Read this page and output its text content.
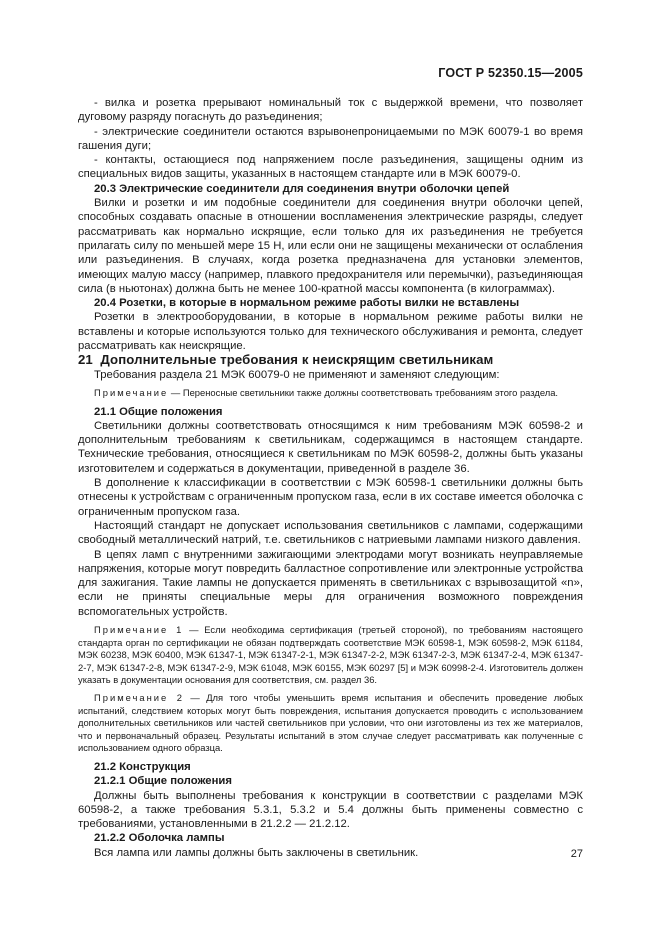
ГОСТ Р 52350.15—2005

- вилка и розетка прерывают номинальный ток с выдержкой времени, что позволяет дуговому разряду погаснуть до разъединения;

- электрические соединители остаются взрывонепроницаемыми по МЭК 60079-1 во время гашения дуги;

- контакты, остающиеся под напряжением после разъединения, защищены одним из специальных видов защиты, указанных в настоящем стандарте или в МЭК 60079-0.

20.3 Электрические соединители для соединения внутри оболочки цепей

Вилки и розетки и им подобные соединители для соединения внутри оболочки цепей, способных создавать опасные в отношении воспламенения электрические разряды, следует рассматривать как нормально искрящие, если только для их разъединения не требуется прилагать силу по меньшей мере 15 Н, или если они не защищены механически от ослабления или разъединения. В случаях, когда розетка предназначена для установки элементов, имеющих малую массу (например, плавкого предохранителя или перемычки), разъединяющая сила (в ньютонах) должна быть не менее 100-кратной массы компонента (в килограммах).

20.4 Розетки, в которые в нормальном режиме работы вилки не вставлены

Розетки в электрооборудовании, в которые в нормальном режиме работы вилки не вставлены и которые используются только для технического обслуживания и ремонта, следует рассматривать как неискрящие.

21 Дополнительные требования к неискрящим светильникам

Требования раздела 21 МЭК 60079-0 не применяют и заменяют следующим:

Примечание — Переносные светильники также должны соответствовать требованиям этого раздела.

21.1 Общие положения

Светильники должны соответствовать относящимся к ним требованиям МЭК 60598-2 и дополнительным требованиям к светильникам, содержащимся в настоящем стандарте. Технические требования, относящиеся к светильникам по МЭК 60598-2, должны быть указаны изготовителем и содержаться в документации, приведенной в разделе 36.

В дополнение к классификации в соответствии с МЭК 60598-1 светильники должны быть отнесены к устройствам с ограниченным пропуском газа, если в их составе имеется оболочка с ограниченным пропуском газа.

Настоящий стандарт не допускает использования светильников с лампами, содержащими свободный металлический натрий, т.е. светильников с натриевыми лампами низкого давления.

В цепях ламп с внутренними зажигающими электродами могут возникать неуправляемые напряжения, которые могут повредить балластное сопротивление или электронные устройства для зажигания. Такие лампы не допускается применять в светильниках с взрывозащитой «n», если не приняты специальные меры для ограничения возможного повреждения вспомогательных устройств.

Примечание 1 — Если необходима сертификация (третьей стороной), по требованиям настоящего стандарта орган по сертификации не обязан подтверждать соответствие МЭК 60598-1, МЭК 60598-2, МЭК 61184, МЭК 60238, МЭК 60400, МЭК 61347-1, МЭК 61347-2-1, МЭК 61347-2-2, МЭК 61347-2-3, МЭК 61347-2-4, МЭК 61347-2-7, МЭК 61347-2-8, МЭК 61347-2-9, МЭК 61048, МЭК 60155, МЭК 60297 [5] и МЭК 60998-2-4. Изготовитель должен указать в документации основания для соответствия, см. раздел 36.

Примечание 2 — Для того чтобы уменьшить время испытания и обеспечить проведение любых испытаний, следствием которых могут быть повреждения, испытания допускается проводить с использованием дополнительных светильников или частей светильников при условии, что они изготовлены из тех же материалов, что и первоначальный образец. Результаты испытаний в этом случае следует рассматривать как полученные с использованием одного образца.

21.2 Конструкция

21.2.1 Общие положения

Должны быть выполнены требования к конструкции в соответствии с разделами МЭК 60598-2, а также требования 5.3.1, 5.3.2 и 5.4 должны быть применены совместно с требованиями, установленными в 21.2.2 — 21.2.12.

21.2.2 Оболочка лампы

Вся лампа или лампы должны быть заключены в светильник.	27
